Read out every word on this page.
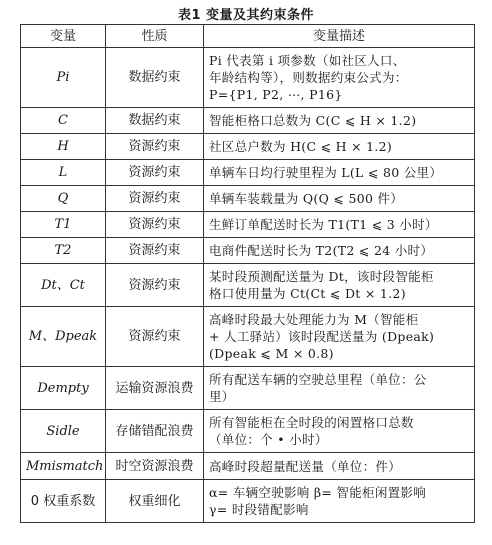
表1 变量及其约束条件
变量	性质	变量描述
Pi	数据约束	Pi 代表第 i 项参数（如社区人口、
年龄结构等），则数据约束公式为：
P={P1, P2, ⋯, P16}

C	数据约束	智能柜格口总数为 C(C ⩽ H × 1.2)

H	资源约束	社区总户数为 H(C ⩽ H × 1.2)

L	资源约束	单辆车日均行驶里程为 L(L ⩽ 80 公里）

Q	资源约束	单辆车装载量为 Q(Q ⩽ 500 件）

T1	资源约束	生鲜订单配送时长为 T1(T1 ⩽ 3 小时）

T2	资源约束	电商件配送时长为 T2(T2 ⩽ 24 小时）

Dt、Ct	资源约束	某时段预测配送量为 Dt，该时段智能柜
格口使用量为 Ct(Ct ⩽ Dt × 1.2)

M、Dpeak	资源约束	高峰时段最大处理能力为 M（智能柜
+ 人工驿站）该时段配送量为 (Dpeak)
(Dpeak ⩽ M × 0.8)

Dempty	运输资源浪费	所有配送车辆的空驶总里程（单位：公
里）

Sidle	存储错配浪费	所有智能柜在全时段的闲置格口总数
（单位：个 • 小时）

Mmismatch	时空资源浪费	高峰时段超量配送量（单位：件）

0 权重系数	权重细化	α= 车辆空驶影响 β= 智能柜闲置影响
γ= 时段错配影响
